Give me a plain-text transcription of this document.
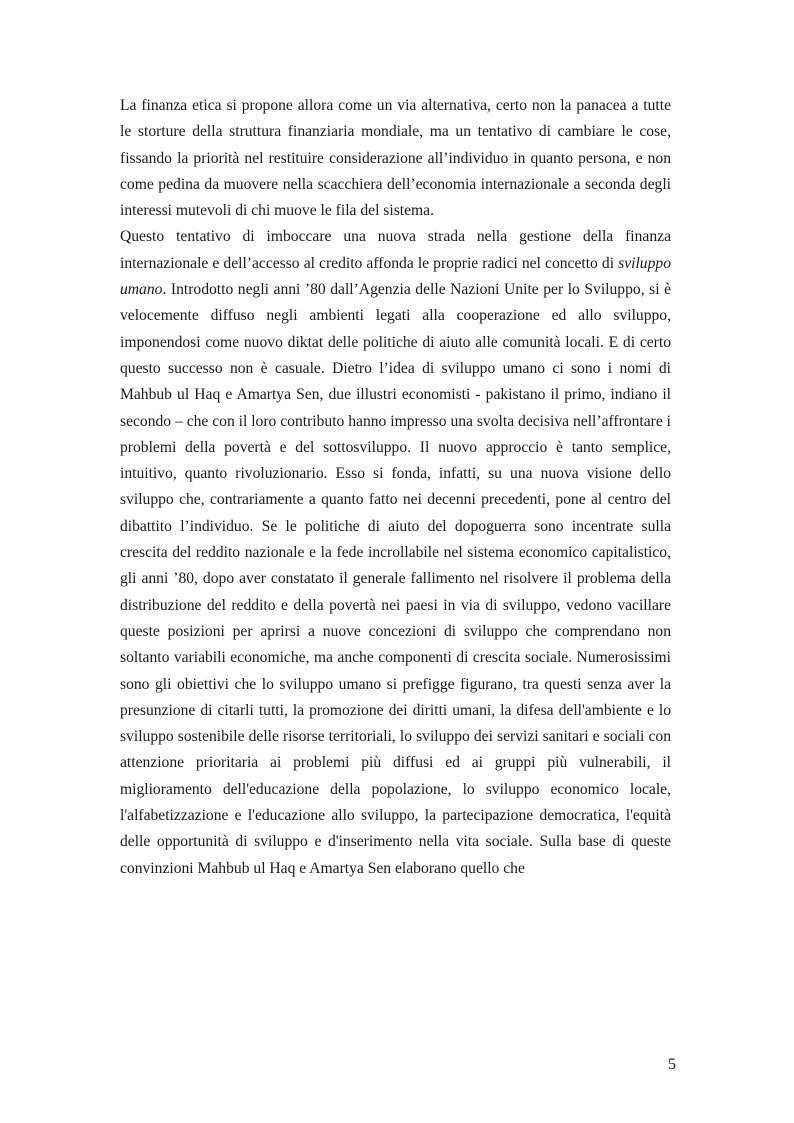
La finanza etica si propone allora come un via alternativa, certo non la panacea a tutte le storture della struttura finanziaria mondiale, ma un tentativo di cambiare le cose, fissando la priorità nel restituire considerazione all’individuo in quanto persona, e non come pedina da muovere nella scacchiera dell’economia internazionale a seconda degli interessi mutevoli di chi muove le fila del sistema.

Questo tentativo di imboccare una nuova strada nella gestione della finanza internazionale e dell’accesso al credito affonda le proprie radici nel concetto di sviluppo umano. Introdotto negli anni ’80 dall’Agenzia delle Nazioni Unite per lo Sviluppo, si è velocemente diffuso negli ambienti legati alla cooperazione ed allo sviluppo, imponendosi come nuovo diktat delle politiche di aiuto alle comunità locali. E di certo questo successo non è casuale. Dietro l’idea di sviluppo umano ci sono i nomi di Mahbub ul Haq e Amartya Sen, due illustri economisti - pakistano il primo, indiano il secondo – che con il loro contributo hanno impresso una svolta decisiva nell’affrontare i problemi della povertà e del sottosviluppo. Il nuovo approccio è tanto semplice, intuitivo, quanto rivoluzionario. Esso si fonda, infatti, su una nuova visione dello sviluppo che, contrariamente a quanto fatto nei decenni precedenti, pone al centro del dibattito l’individuo. Se le politiche di aiuto del dopoguerra sono incentrate sulla crescita del reddito nazionale e la fede incrollabile nel sistema economico capitalistico, gli anni ’80, dopo aver constatato il generale fallimento nel risolvere il problema della distribuzione del reddito e della povertà nei paesi in via di sviluppo, vedono vacillare queste posizioni per aprirsi a nuove concezioni di sviluppo che comprendano non soltanto variabili economiche, ma anche componenti di crescita sociale. Numerosissimi sono gli obiettivi che lo sviluppo umano si prefigge figurano, tra questi senza aver la presunzione di citarli tutti, la promozione dei diritti umani, la difesa dell'ambiente e lo sviluppo sostenibile delle risorse territoriali, lo sviluppo dei servizi sanitari e sociali con attenzione prioritaria ai problemi più diffusi ed ai gruppi più vulnerabili, il miglioramento dell'educazione della popolazione, lo sviluppo economico locale, l'alfabetizzazione e l'educazione allo sviluppo, la partecipazione democratica, l'equità delle opportunità di sviluppo e d'inserimento nella vita sociale. Sulla base di queste convinzioni Mahbub ul Haq e Amartya Sen elaborano quello che

5
